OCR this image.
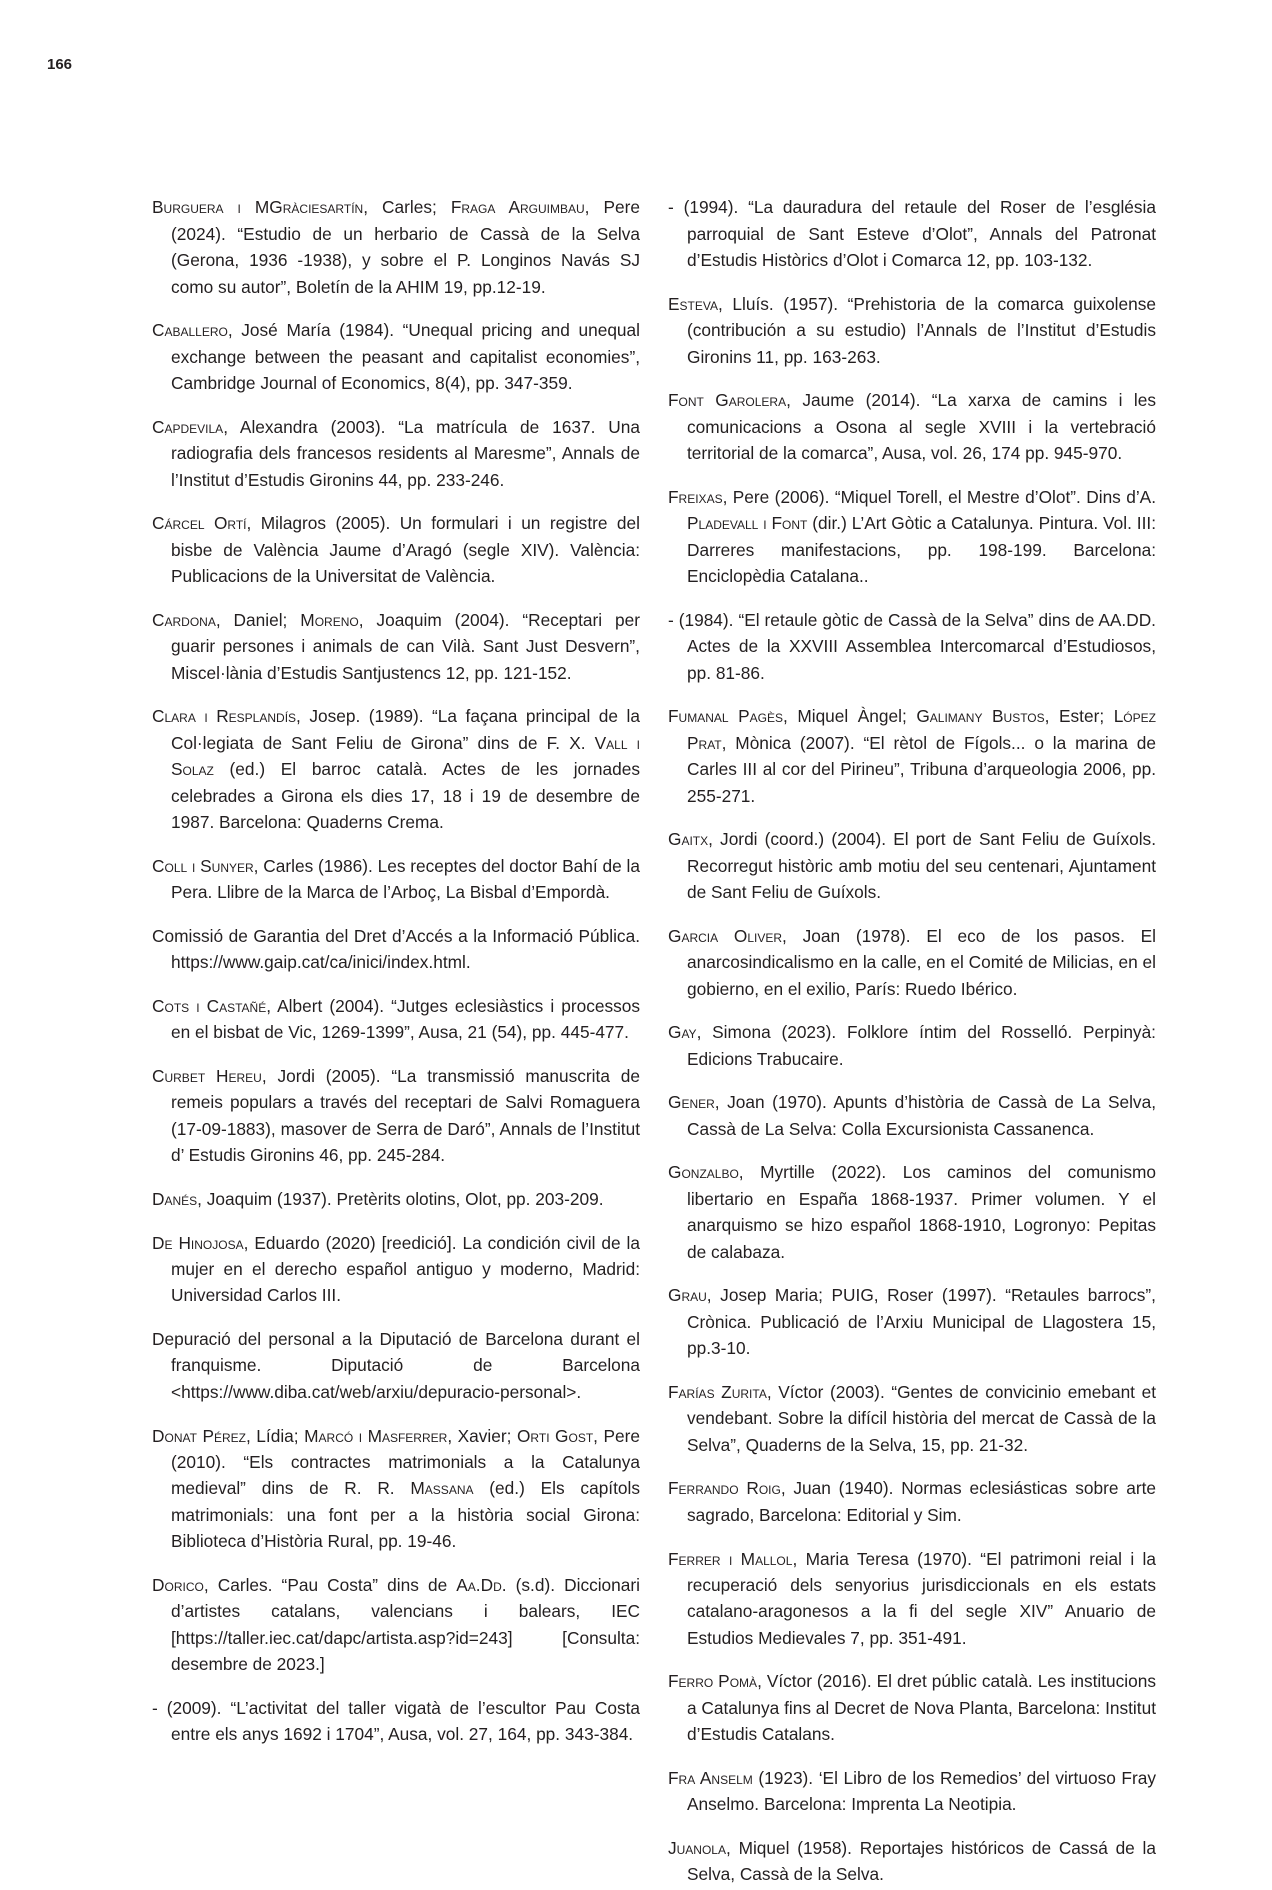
166

Burguera i MGràciesartín, Carles; Fraga Arguimbau, Pere (2024). “Estudio de un herbario de Cassà de la Selva (Gerona, 1936 -1938), y sobre el P. Longinos Navás SJ como su autor”, Boletín de la AHIM 19, pp.12-19.

Caballero, José María (1984). “Unequal pricing and unequal exchange between the peasant and capitalist economies”, Cambridge Journal of Economics, 8(4), pp. 347-359.

Capdevila, Alexandra (2003). “La matrícula de 1637. Una radiografia dels francesos residents al Maresme”, Annals de l’Institut d’Estudis Gironins 44, pp. 233-246.

Cárcel Ortí, Milagros (2005). Un formulari i un registre del bisbe de València Jaume d’Aragó (segle XIV). València: Publicacions de la Universitat de València.

Cardona, Daniel; Moreno, Joaquim (2004). “Receptari per guarir persones i animals de can Vilà. Sant Just Desvern”, Miscel·lània d’Estudis Santjustencs 12, pp. 121-152.

Clara i Resplandís, Josep. (1989). “La façana principal de la Col·legiata de Sant Feliu de Girona” dins de F. X. Vall i Solaz (ed.) El barroc català. Actes de les jornades celebrades a Girona els dies 17, 18 i 19 de desembre de 1987. Barcelona: Quaderns Crema.

Coll i Sunyer, Carles (1986). Les receptes del doctor Bahí de la Pera. Llibre de la Marca de l’Arboç, La Bisbal d’Empordà.

Comissió de Garantia del Dret d’Accés a la Informació Pública. https://www.gaip.cat/ca/inici/index.html.

Cots i Castañé, Albert (2004). “Jutges eclesiàstics i processos en el bisbat de Vic, 1269-1399”, Ausa, 21 (54), pp. 445-477.

Curbet Hereu, Jordi (2005). “La transmissió manuscrita de remeis populars a través del receptari de Salvi Romaguera (17-09-1883), masover de Serra de Daró”, Annals de l’Institut d’ Estudis Gironins 46, pp. 245-284.

Danés, Joaquim (1937). Pretèrits olotins, Olot, pp. 203-209.

De Hinojosa, Eduardo (2020) [reedició]. La condición civil de la mujer en el derecho español antiguo y moderno, Madrid: Universidad Carlos III.

Depuració del personal a la Diputació de Barcelona durant el franquisme. Diputació de Barcelona <https://www.diba.cat/web/arxiu/depuracio-personal>.

Donat Pérez, Lídia; Marcó i Masferrer, Xavier; Orti Gost, Pere (2010). “Els contractes matrimonials a la Catalunya medieval” dins de R. R. Massana (ed.) Els capítols matrimonials: una font per a la història social Girona: Biblioteca d’Història Rural, pp. 19-46.

Dorico, Carles. “Pau Costa” dins de Aa.Dd. (s.d). Diccionari d’artistes catalans, valencians i balears, IEC [https://taller.iec.cat/dapc/artista.asp?id=243] [Consulta: desembre de 2023.]

- (2009). “L’activitat del taller vigatà de l’escultor Pau Costa entre els anys 1692 i 1704”, Ausa, vol. 27, 164, pp. 343-384.

- (1994). “La dauradura del retaule del Roser de l’església parroquial de Sant Esteve d’Olot”, Annals del Patronat d’Estudis Històrics d’Olot i Comarca 12, pp. 103-132.

Esteva, Lluís. (1957). “Prehistoria de la comarca guixolense (contribución a su estudio) l’Annals de l’Institut d’Estudis Gironins 11, pp. 163-263.

Font Garolera, Jaume (2014). “La xarxa de camins i les comunicacions a Osona al segle XVIII i la vertebració territorial de la comarca”, Ausa, vol. 26, 174 pp. 945-970.

Freixas, Pere (2006). “Miquel Torell, el Mestre d’Olot”. Dins d’A. Pladevall i Font (dir.) L’Art Gòtic a Catalunya. Pintura. Vol. III: Darreres manifestacions, pp. 198-199. Barcelona: Enciclopèdia Catalana..

- (1984). “El retaule gòtic de Cassà de la Selva” dins de AA.DD. Actes de la XXVIII Assemblea Intercomarcal d’Estudiosos, pp. 81-86.

Fumanal Pagès, Miquel Àngel; Galimany Bustos, Ester; López Prat, Mònica (2007). “El rètol de Fígols... o la marina de Carles III al cor del Pirineu”, Tribuna d’arqueologia 2006, pp. 255-271.

Gaitx, Jordi (coord.) (2004). El port de Sant Feliu de Guíxols. Recorregut històric amb motiu del seu centenari, Ajuntament de Sant Feliu de Guíxols.

Garcia Oliver, Joan (1978). El eco de los pasos. El anarcosindicalismo en la calle, en el Comité de Milicias, en el gobierno, en el exilio, París: Ruedo Ibérico.

Gay, Simona (2023). Folklore íntim del Rosselló. Perpinyà: Edicions Trabucaire.

Gener, Joan (1970). Apunts d’història de Cassà de La Selva, Cassà de La Selva: Colla Excursionista Cassanenca.

Gonzalbo, Myrtille (2022). Los caminos del comunismo libertario en España 1868-1937. Primer volumen. Y el anarquismo se hizo español 1868-1910, Logronyo: Pepitas de calabaza.

Grau, Josep Maria; PUIG, Roser (1997). “Retaules barrocs”, Crònica. Publicació de l’Arxiu Municipal de Llagostera 15, pp.3-10.

Farías Zurita, Víctor (2003). “Gentes de convicinio emebant et vendebant. Sobre la difícil història del mercat de Cassà de la Selva”, Quaderns de la Selva, 15, pp. 21-32.

Ferrando Roig, Juan (1940). Normas eclesiásticas sobre arte sagrado, Barcelona: Editorial y Sim.

Ferrer i Mallol, Maria Teresa (1970). “El patrimoni reial i la recuperació dels senyorius jurisdiccionals en els estats catalano-aragonesos a la fi del segle XIV” Anuario de Estudios Medievales 7, pp. 351-491.

Ferro Pomà, Víctor (2016). El dret públic català. Les institucions a Catalunya fins al Decret de Nova Planta, Barcelona: Institut d’Estudis Catalans.

Fra Anselm (1923). ‘El Libro de los Remedios’ del virtuoso Fray Anselmo. Barcelona: Imprenta La Neotipia.

Juanola, Miquel (1958). Reportajes históricos de Cassá de la Selva, Cassà de la Selva.
